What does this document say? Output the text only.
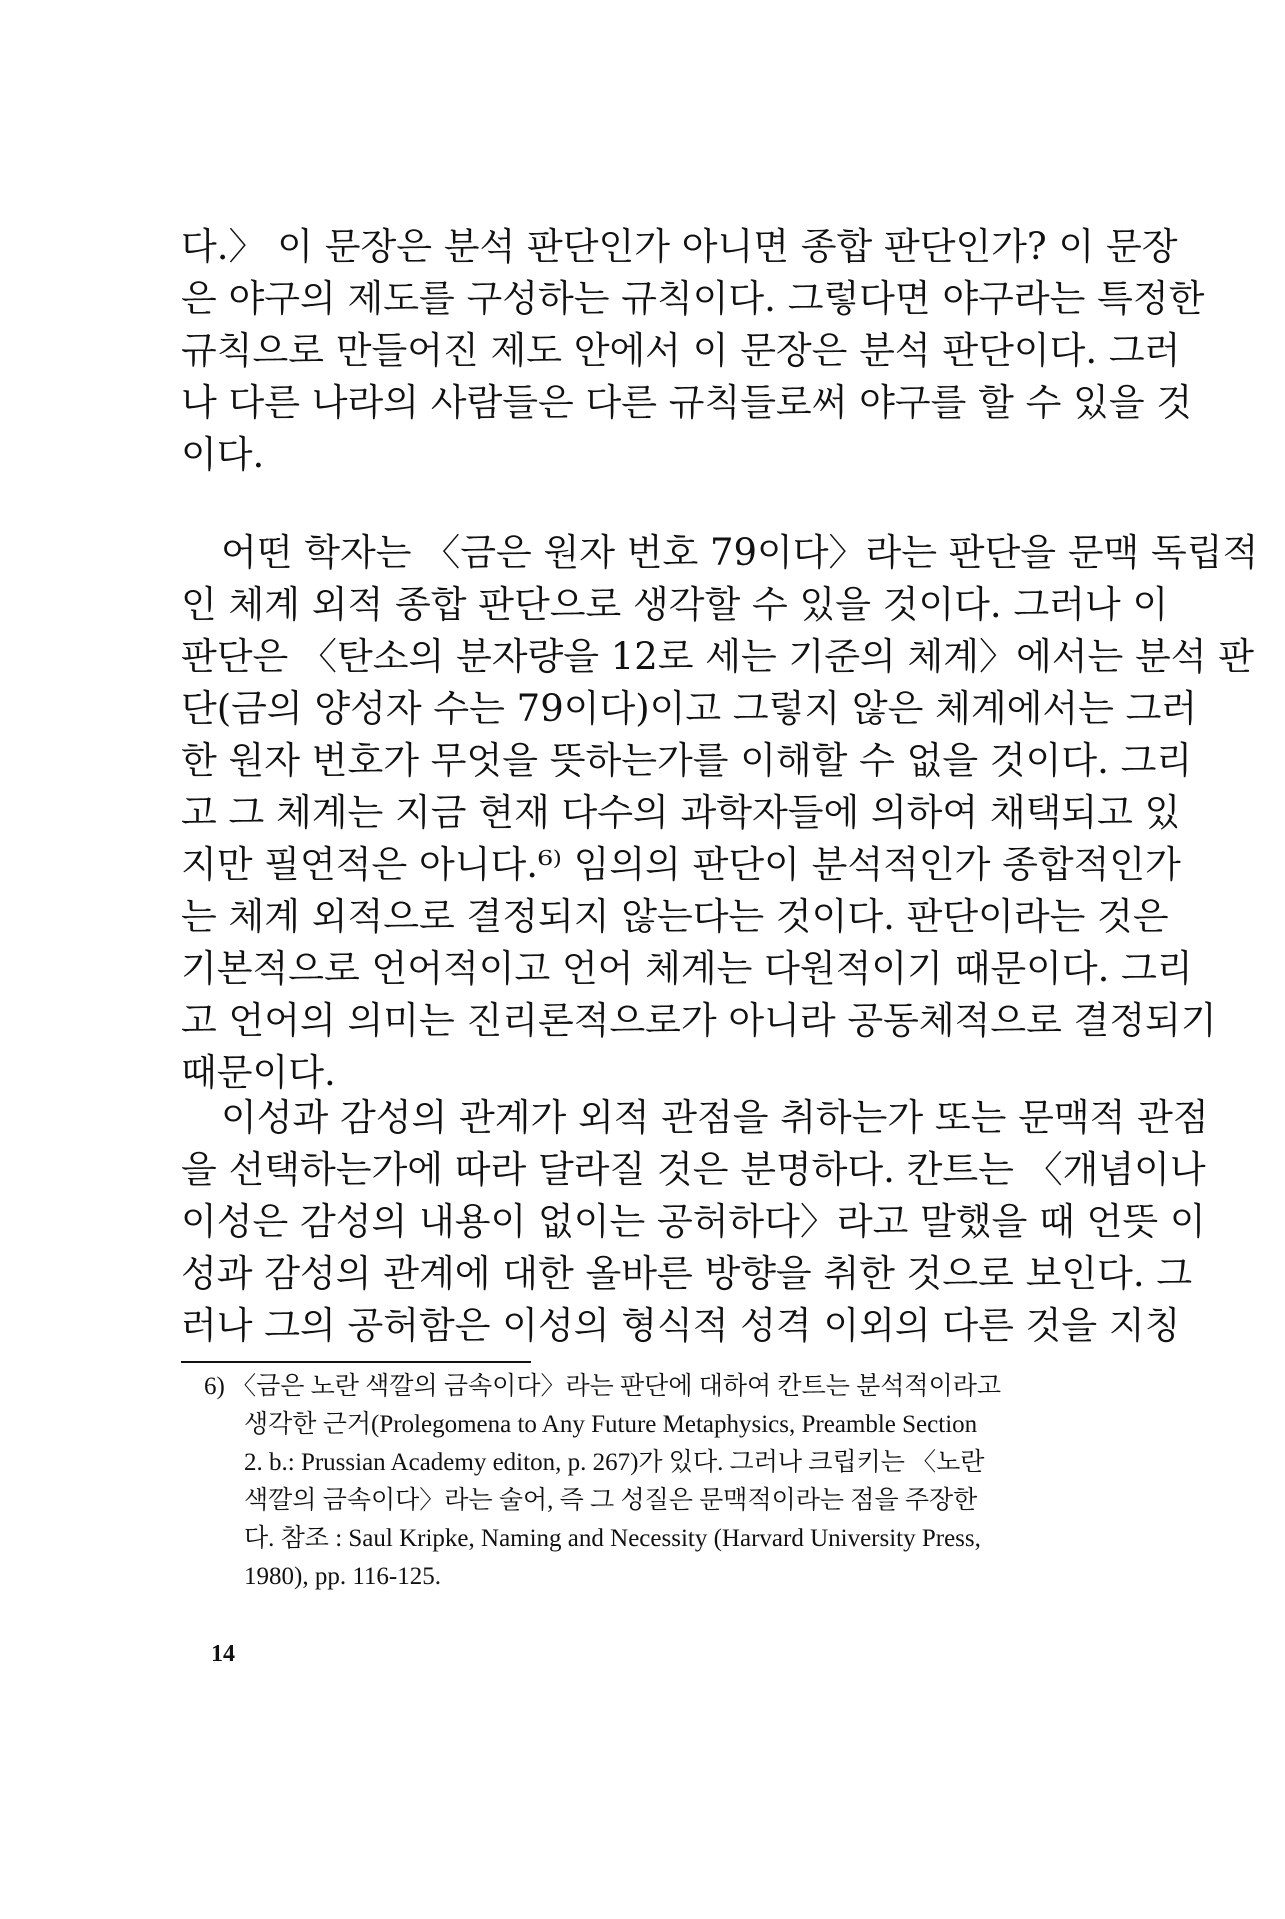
다.〉 이 문장은 분석 판단인가 아니면 종합 판단인가? 이 문장
은 야구의 제도를 구성하는 규칙이다. 그렇다면 야구라는 특정한
규칙으로 만들어진 제도 안에서 이 문장은 분석 판단이다. 그러
나 다른 나라의 사람들은 다른 규칙들로써 야구를 할 수 있을 것
이다.

어떤 학자는 〈금은 원자 번호 79이다〉라는 판단을 문맥 독립적
인 체계 외적 종합 판단으로 생각할 수 있을 것이다. 그러나 이
판단은 〈탄소의 분자량을 12로 세는 기준의 체계〉에서는 분석 판
단(금의 양성자 수는 79이다)이고 그렇지 않은 체계에서는 그러
한 원자 번호가 무엇을 뜻하는가를 이해할 수 없을 것이다. 그리
고 그 체계는 지금 현재 다수의 과학자들에 의하여 채택되고 있
지만 필연적은 아니다.⁶⁾ 임의의 판단이 분석적인가 종합적인가
는 체계 외적으로 결정되지 않는다는 것이다. 판단이라는 것은
기본적으로 언어적이고 언어 체계는 다원적이기 때문이다. 그리
고 언어의 의미는 진리론적으로가 아니라 공동체적으로 결정되기
때문이다.

이성과 감성의 관계가 외적 관점을 취하는가 또는 문맥적 관점
을 선택하는가에 따라 달라질 것은 분명하다. 칸트는 〈개념이나
이성은 감성의 내용이 없이는 공허하다〉라고 말했을 때 언뜻 이
성과 감성의 관계에 대한 올바른 방향을 취한 것으로 보인다. 그
러나 그의 공허함은 이성의 형식적 성격 이외의 다른 것을 지칭

6) 〈금은 노란 색깔의 금속이다〉라는 판단에 대하여 칸트는 분석적이라고
생각한 근거(Prolegomena to Any Future Metaphysics, Preamble Section
2. b.: Prussian Academy editon, p. 267)가 있다. 그러나 크립키는 〈노란
색깔의 금속이다〉라는 술어, 즉 그 성질은 문맥적이라는 점을 주장한
다. 참조 : Saul Kripke, Naming and Necessity (Harvard University Press,
1980), pp. 116-125.
14
